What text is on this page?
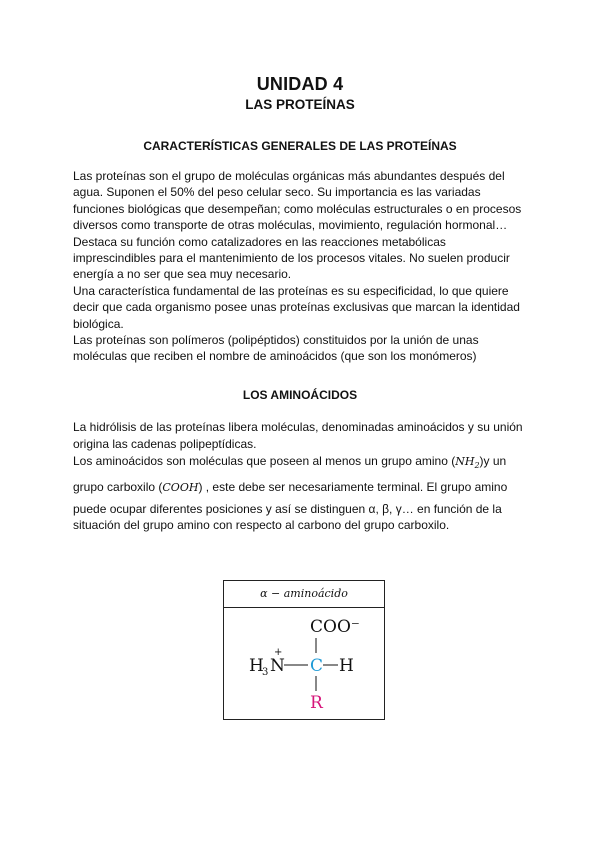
UNIDAD 4
LAS PROTEÍNAS
CARACTERÍSTICAS GENERALES DE LAS PROTEÍNAS

Las proteínas son el grupo de moléculas orgánicas más abundantes después del

agua. Suponen el 50% del peso celular seco. Su importancia es las variadas

funciones biológicas que desempeñan; como moléculas estructurales o en procesos

diversos como transporte de otras moléculas, movimiento, regulación hormonal…

Destaca su función como catalizadores en las reacciones metabólicas

imprescindibles para el mantenimiento de los procesos vitales. No suelen producir

energía a no ser que sea muy necesario.

Una característica fundamental de las proteínas es su especificidad, lo que quiere

decir que cada organismo posee unas proteínas exclusivas que marcan la identidad

biológica.

Las proteínas son polímeros (polipéptidos) constituidos por la unión de unas

moléculas que reciben el nombre de aminoácidos (que son los monómeros)

LOS AMINOÁCIDOS

La hidrólisis de las proteínas libera moléculas, denominadas aminoácidos y su unión

origina las cadenas polipeptídicas.

Los aminoácidos son moléculas que poseen al menos un grupo amino $(NH_2)y$ un

grupo carboxilo (COOH) , este debe ser necesariamente terminal. El grupo amino

puede ocupar diferentes posiciones y así se distinguen α, β, γ… en función de la

situación del grupo amino con respecto al carbono del grupo carboxilo.

α − aminoácido
COO⁻
H
3 N
+
C H
R
